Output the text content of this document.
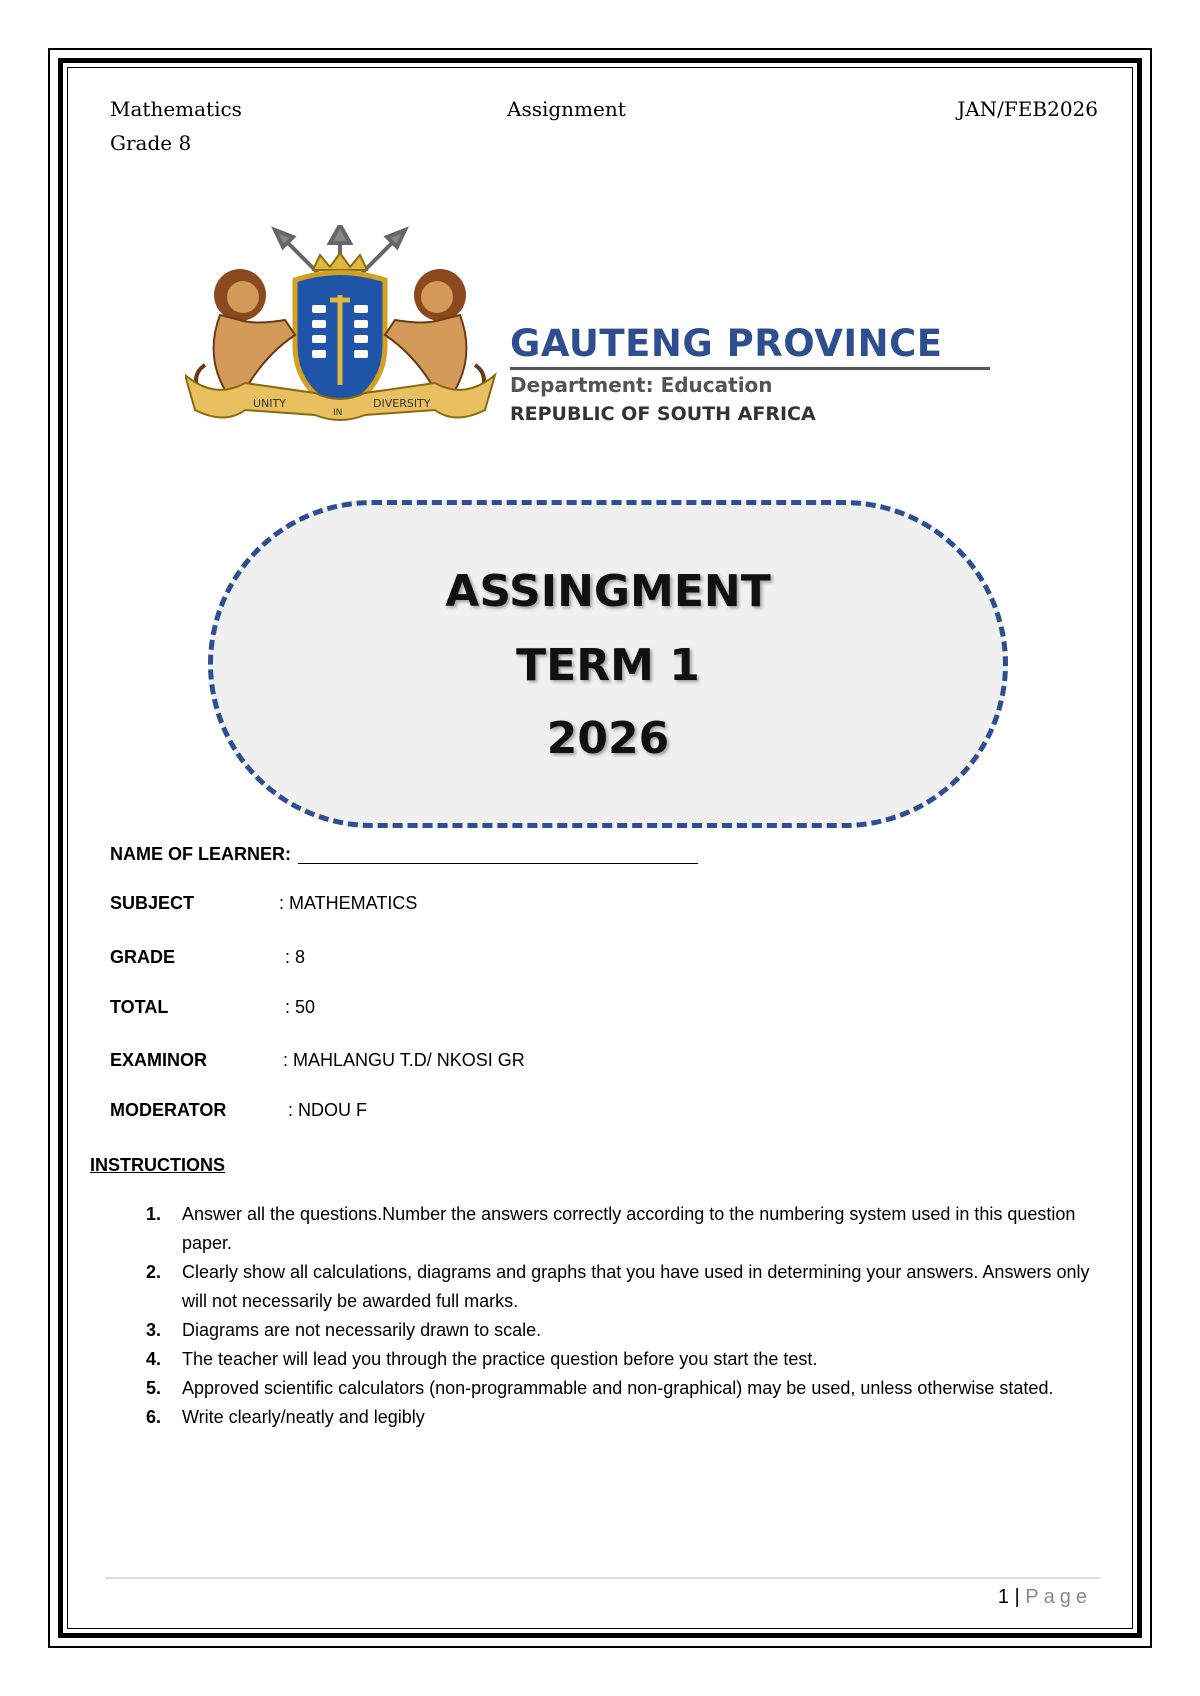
Mathematics
Grade 8
Assignment	JAN/FEB2026
UNITY
IN
DIVERSITY
GAUTENG PROVINCE
Department: Education
REPUBLIC OF SOUTH AFRICA
ASSINGMENT
TERM 1
2026
NAME OF LEARNER:
SUBJECT	: MATHEMATICS
GRADE	: 8
TOTAL	: 50
EXAMINOR	: MAHLANGU T.D/ NKOSI GR
MODERATOR	: NDOU F
INSTRUCTIONS
1. Answer all the questions.Number the answers correctly according to the numbering system used in this question paper.
2. Clearly show all calculations, diagrams and graphs that you have used in determining your answers. Answers only will not necessarily be awarded full marks.
3. Diagrams are not necessarily drawn to scale.
4. The teacher will lead you through the practice question before you start the test.
5. Approved scientific calculators (non-programmable and non-graphical) may be used, unless otherwise stated.
6. Write clearly/neatly and legibly
1 | Page
